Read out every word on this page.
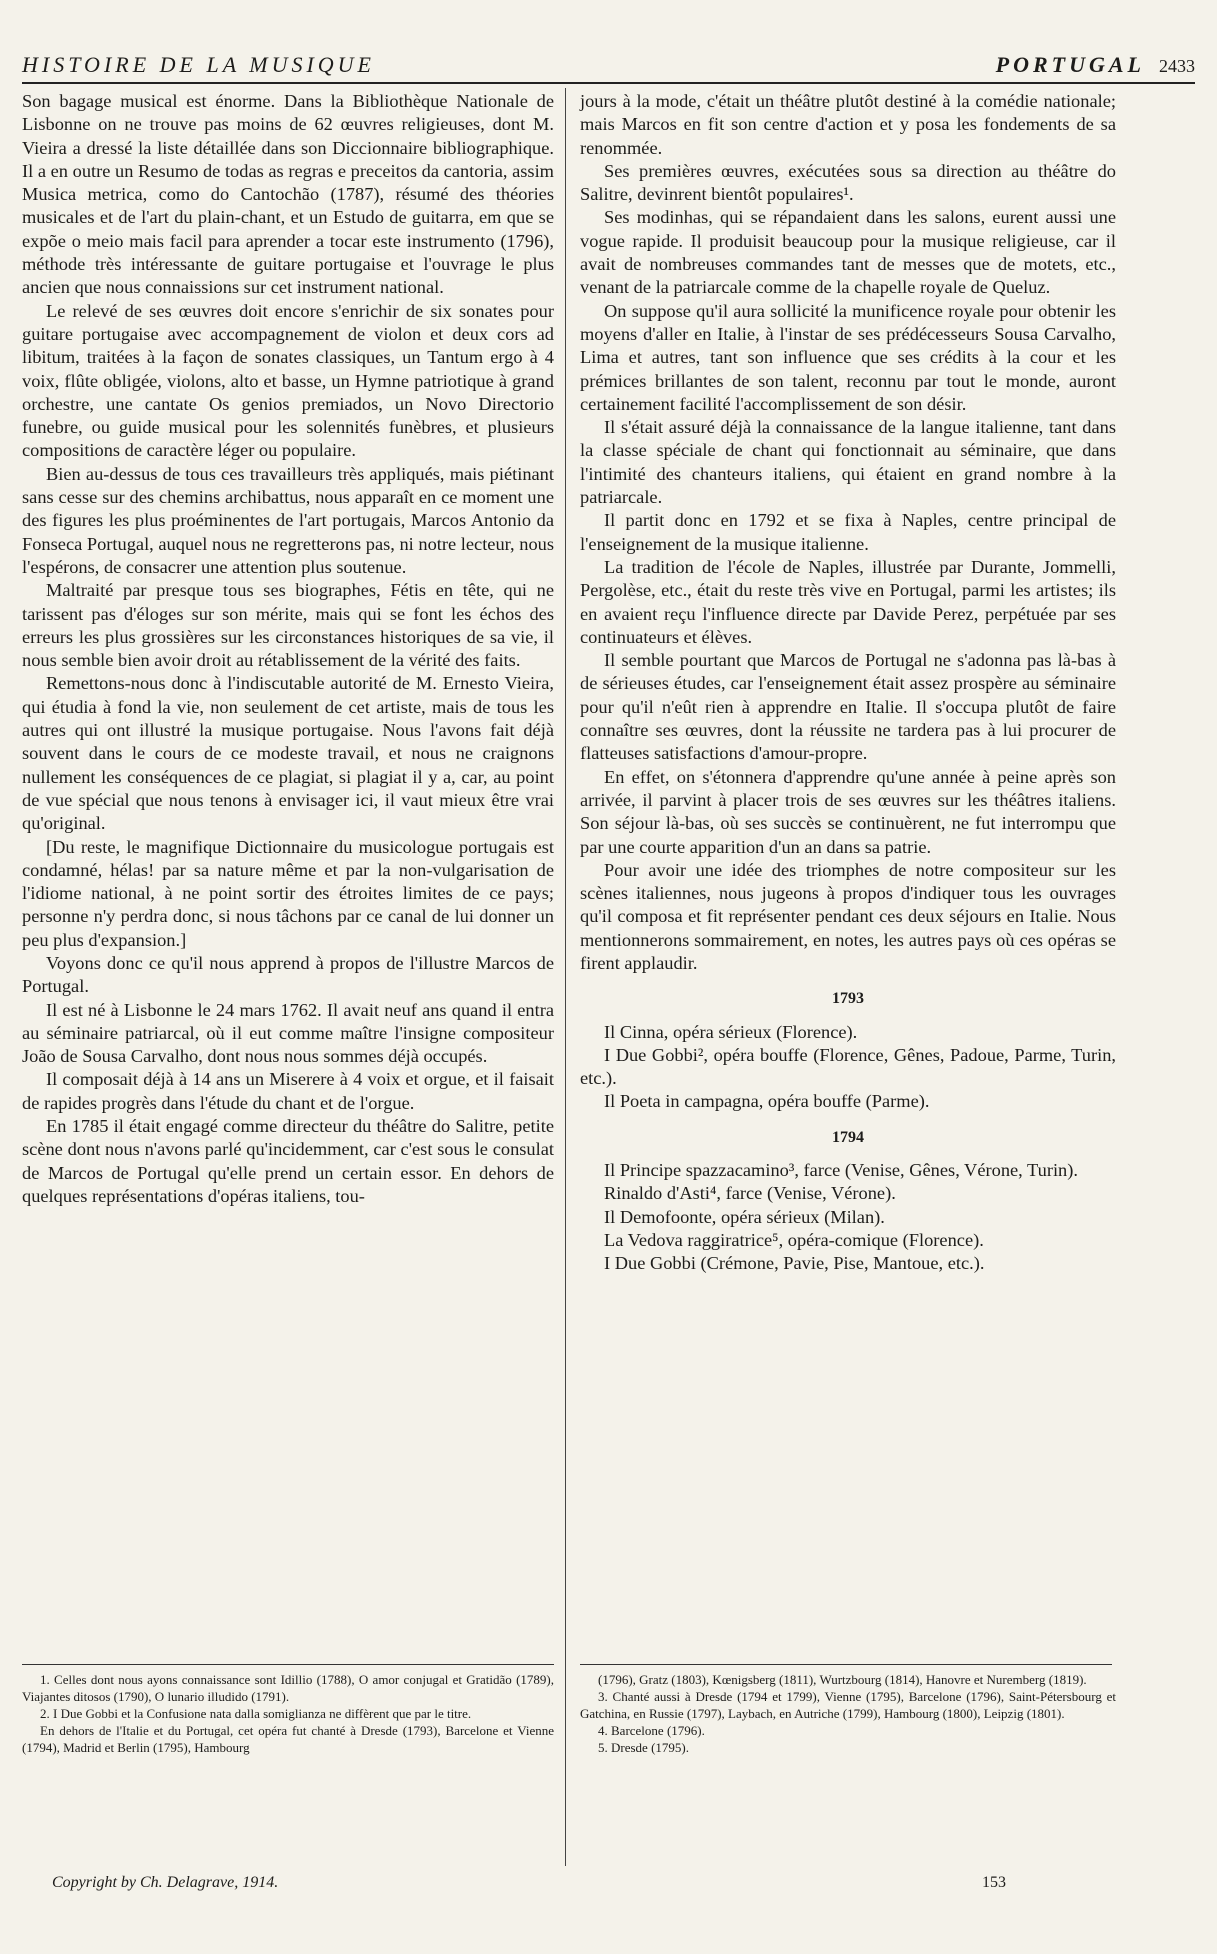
HISTOIRE DE LA MUSIQUE	PORTUGAL 2433

Son bagage musical est énorme. Dans la Bibliothèque Nationale de Lisbonne on ne trouve pas moins de 62 œuvres religieuses, dont M. Vieira a dressé la liste détaillée dans son Diccionnaire bibliographique. Il a en outre un Resumo de todas as regras e preceitos da cantoria, assim Musica metrica, como do Cantochão (1787), résumé des théories musicales et de l'art du plain-chant, et un Estudo de guitarra, em que se expõe o meio mais facil para aprender a tocar este instrumento (1796), méthode très intéressante de guitare portugaise et l'ouvrage le plus ancien que nous connaissions sur cet instrument national.

Le relevé de ses œuvres doit encore s'enrichir de six sonates pour guitare portugaise avec accompagnement de violon et deux cors ad libitum, traitées à la façon de sonates classiques, un Tantum ergo à 4 voix, flûte obligée, violons, alto et basse, un Hymne patriotique à grand orchestre, une cantate Os genios premiados, un Novo Directorio funebre, ou guide musical pour les solennités funèbres, et plusieurs compositions de caractère léger ou populaire.

Bien au-dessus de tous ces travailleurs très appliqués, mais piétinant sans cesse sur des chemins archibattus, nous apparaît en ce moment une des figures les plus proéminentes de l'art portugais, Marcos Antonio da Fonseca Portugal, auquel nous ne regretterons pas, ni notre lecteur, nous l'espérons, de consacrer une attention plus soutenue.

Maltraité par presque tous ses biographes, Fétis en tête, qui ne tarissent pas d'éloges sur son mérite, mais qui se font les échos des erreurs les plus grossières sur les circonstances historiques de sa vie, il nous semble bien avoir droit au rétablissement de la vérité des faits.

Remettons-nous donc à l'indiscutable autorité de M. Ernesto Vieira, qui étudia à fond la vie, non seulement de cet artiste, mais de tous les autres qui ont illustré la musique portugaise. Nous l'avons fait déjà souvent dans le cours de ce modeste travail, et nous ne craignons nullement les conséquences de ce plagiat, si plagiat il y a, car, au point de vue spécial que nous tenons à envisager ici, il vaut mieux être vrai qu'original.

[Du reste, le magnifique Dictionnaire du musicologue portugais est condamné, hélas! par sa nature même et par la non-vulgarisation de l'idiome national, à ne point sortir des étroites limites de ce pays; personne n'y perdra donc, si nous tâchons par ce canal de lui donner un peu plus d'expansion.]

Voyons donc ce qu'il nous apprend à propos de l'illustre Marcos de Portugal.

Il est né à Lisbonne le 24 mars 1762. Il avait neuf ans quand il entra au séminaire patriarcal, où il eut comme maître l'insigne compositeur João de Sousa Carvalho, dont nous nous sommes déjà occupés.

Il composait déjà à 14 ans un Miserere à 4 voix et orgue, et il faisait de rapides progrès dans l'étude du chant et de l'orgue.

En 1785 il était engagé comme directeur du théâtre do Salitre, petite scène dont nous n'avons parlé qu'incidemment, car c'est sous le consulat de Marcos de Portugal qu'elle prend un certain essor. En dehors de quelques représentations d'opéras italiens, tou-

jours à la mode, c'était un théâtre plutôt destiné à la comédie nationale; mais Marcos en fit son centre d'action et y posa les fondements de sa renommée.

Ses premières œuvres, exécutées sous sa direction au théâtre do Salitre, devinrent bientôt populaires¹.

Ses modinhas, qui se répandaient dans les salons, eurent aussi une vogue rapide. Il produisit beaucoup pour la musique religieuse, car il avait de nombreuses commandes tant de messes que de motets, etc., venant de la patriarcale comme de la chapelle royale de Queluz.

On suppose qu'il aura sollicité la munificence royale pour obtenir les moyens d'aller en Italie, à l'instar de ses prédécesseurs Sousa Carvalho, Lima et autres, tant son influence que ses crédits à la cour et les prémices brillantes de son talent, reconnu par tout le monde, auront certainement facilité l'accomplissement de son désir.

Il s'était assuré déjà la connaissance de la langue italienne, tant dans la classe spéciale de chant qui fonctionnait au séminaire, que dans l'intimité des chanteurs italiens, qui étaient en grand nombre à la patriarcale.

Il partit donc en 1792 et se fixa à Naples, centre principal de l'enseignement de la musique italienne.

La tradition de l'école de Naples, illustrée par Durante, Jommelli, Pergolèse, etc., était du reste très vive en Portugal, parmi les artistes; ils en avaient reçu l'influence directe par Davide Perez, perpétuée par ses continuateurs et élèves.

Il semble pourtant que Marcos de Portugal ne s'adonna pas là-bas à de sérieuses études, car l'enseignement était assez prospère au séminaire pour qu'il n'eût rien à apprendre en Italie. Il s'occupa plutôt de faire connaître ses œuvres, dont la réussite ne tardera pas à lui procurer de flatteuses satisfactions d'amour-propre.

En effet, on s'étonnera d'apprendre qu'une année à peine après son arrivée, il parvint à placer trois de ses œuvres sur les théâtres italiens. Son séjour là-bas, où ses succès se continuèrent, ne fut interrompu que par une courte apparition d'un an dans sa patrie.

Pour avoir une idée des triomphes de notre compositeur sur les scènes italiennes, nous jugeons à propos d'indiquer tous les ouvrages qu'il composa et fit représenter pendant ces deux séjours en Italie. Nous mentionnerons sommairement, en notes, les autres pays où ces opéras se firent applaudir.

1793

Il Cinna, opéra sérieux (Florence).

I Due Gobbi², opéra bouffe (Florence, Gênes, Padoue, Parme, Turin, etc.).

Il Poeta in campagna, opéra bouffe (Parme).

1794

Il Principe spazzacamino³, farce (Venise, Gênes, Vérone, Turin).

Rinaldo d'Asti⁴, farce (Venise, Vérone).

Il Demofoonte, opéra sérieux (Milan).

La Vedova raggiratrice⁵, opéra-comique (Florence).

I Due Gobbi (Crémone, Pavie, Pise, Mantoue, etc.).

1. Celles dont nous ayons connaissance sont Idillio (1788), O amor conjugal et Gratidão (1789), Viajantes ditosos (1790), O lunario illudido (1791).

2. I Due Gobbi et la Confusione nata dalla somiglianza ne diffèrent que par le titre.

En dehors de l'Italie et du Portugal, cet opéra fut chanté à Dresde (1793), Barcelone et Vienne (1794), Madrid et Berlin (1795), Hambourg

(1796), Gratz (1803), Kœnigsberg (1811), Wurtzbourg (1814), Hanovre et Nuremberg (1819).

3. Chanté aussi à Dresde (1794 et 1799), Vienne (1795), Barcelone (1796), Saint-Pétersbourg et Gatchina, en Russie (1797), Laybach, en Autriche (1799), Hambourg (1800), Leipzig (1801).

4. Barcelone (1796).

5. Dresde (1795).

Copyright by Ch. Delagrave, 1914.	153
